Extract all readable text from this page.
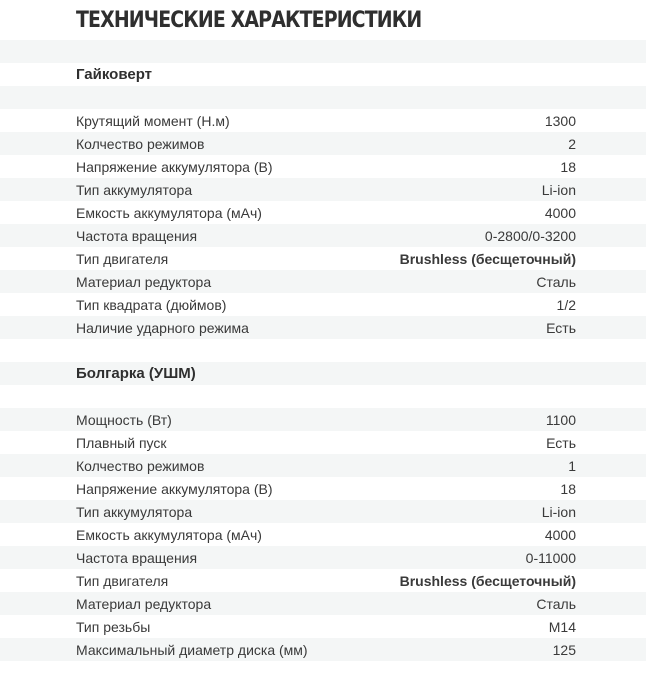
ТЕХНИЧЕСКИЕ ХАРАКТЕРИСТИКИ
Гайковерт
Крутящий момент (Н.м)	1300
Колчество режимов	2
Напряжение аккумулятора (В)	18
Тип аккумулятора	Li-ion
Емкость аккумулятора (мАч)	4000
Частота вращения	0-2800/0-3200
Тип двигателя	Brushless (бесщеточный)
Материал редуктора	Сталь
Тип квадрата (дюймов)	1/2
Наличие ударного режима	Есть
Болгарка (УШМ)
Мощность (Вт)	1100
Плавный пуск	Есть
Колчество режимов	1
Напряжение аккумулятора (В)	18
Тип аккумулятора	Li-ion
Емкость аккумулятора (мАч)	4000
Частота вращения	0-11000
Тип двигателя	Brushless (бесщеточный)
Материал редуктора	Сталь
Тип резьбы	М14
Максимальный диаметр диска (мм)	125
